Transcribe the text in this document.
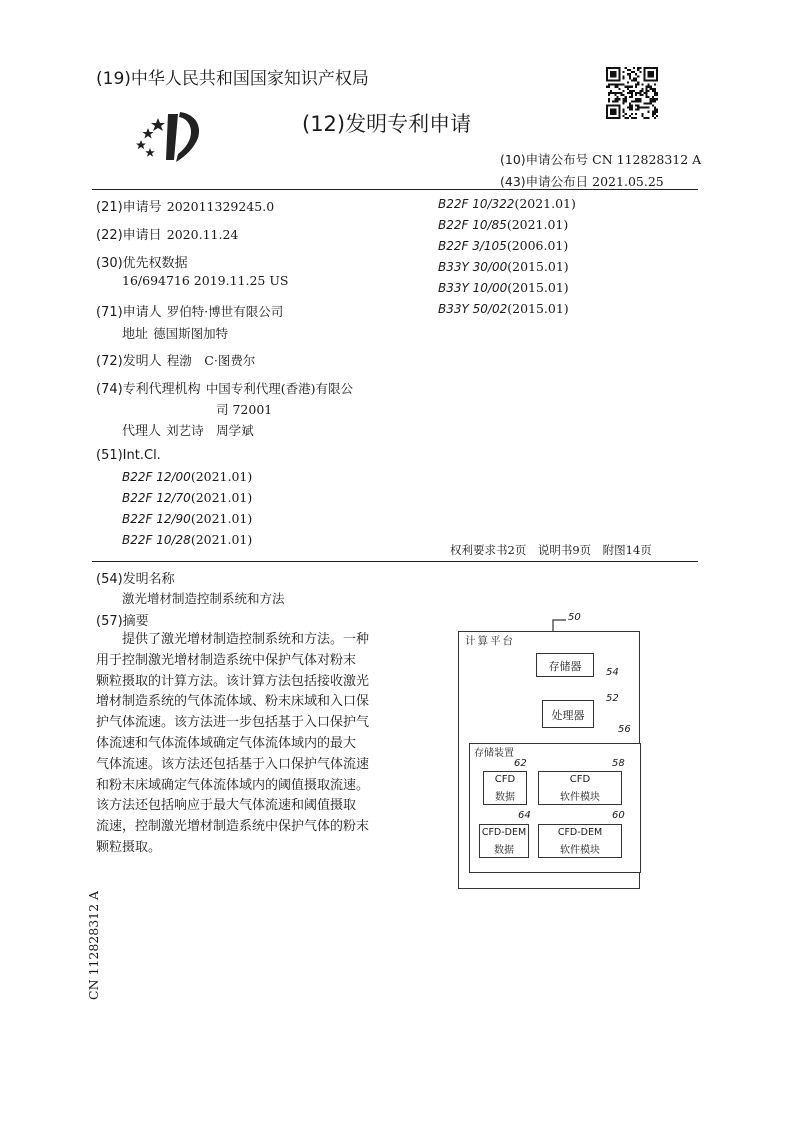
(19)中华人民共和国国家知识产权局
(12)发明专利申请
(10)申请公布号 CN 112828312 A
(43)申请公布日 2021.05.25
(21)申请号 202011329245.0
(22)申请日 2020.11.24
(30)优先权数据
16/694716 2019.11.25 US
(71)申请人 罗伯特·博世有限公司
地址 德国斯图加特
(72)发明人 程渤　C·图费尔
(74)专利代理机构 中国专利代理(香港)有限公
司 72001
代理人 刘艺诗　周学斌
(51)Int.Cl.
B22F 12/00(2021.01)
B22F 12/70(2021.01)
B22F 12/90(2021.01)
B22F 10/28(2021.01)
B22F 10/322(2021.01)
B22F 10/85(2021.01)
B22F 3/105(2006.01)
B33Y 30/00(2015.01)
B33Y 10/00(2015.01)
B33Y 50/02(2015.01)
权利要求书2页　说明书9页　附图14页
(54)发明名称
激光增材制造控制系统和方法
(57)摘要

提供了激光增材制造控制系统和方法。一种

用于控制激光增材制造系统中保护气体对粉末

颗粒摄取的计算方法。该计算方法包括接收激光

增材制造系统的气体流体域、粉末床域和入口保

护气体流速。该方法进一步包括基于入口保护气

体流速和气体流体域确定气体流体域内的最大

气体流速。该方法还包括基于入口保护气体流速

和粉末床域确定气体流体域内的阈值摄取流速。

该方法还包括响应于最大气体流速和阈值摄取

流速，控制激光增材制造系统中保护气体的粉末

颗粒摄取。

50
计算平台
存储器	54
处理器
52
存储装置
56
CFD
数据
62
CFD
软件模块
58
CFD-DEM
数据
64
CFD-DEM
软件模块
60
CN 112828312 A
